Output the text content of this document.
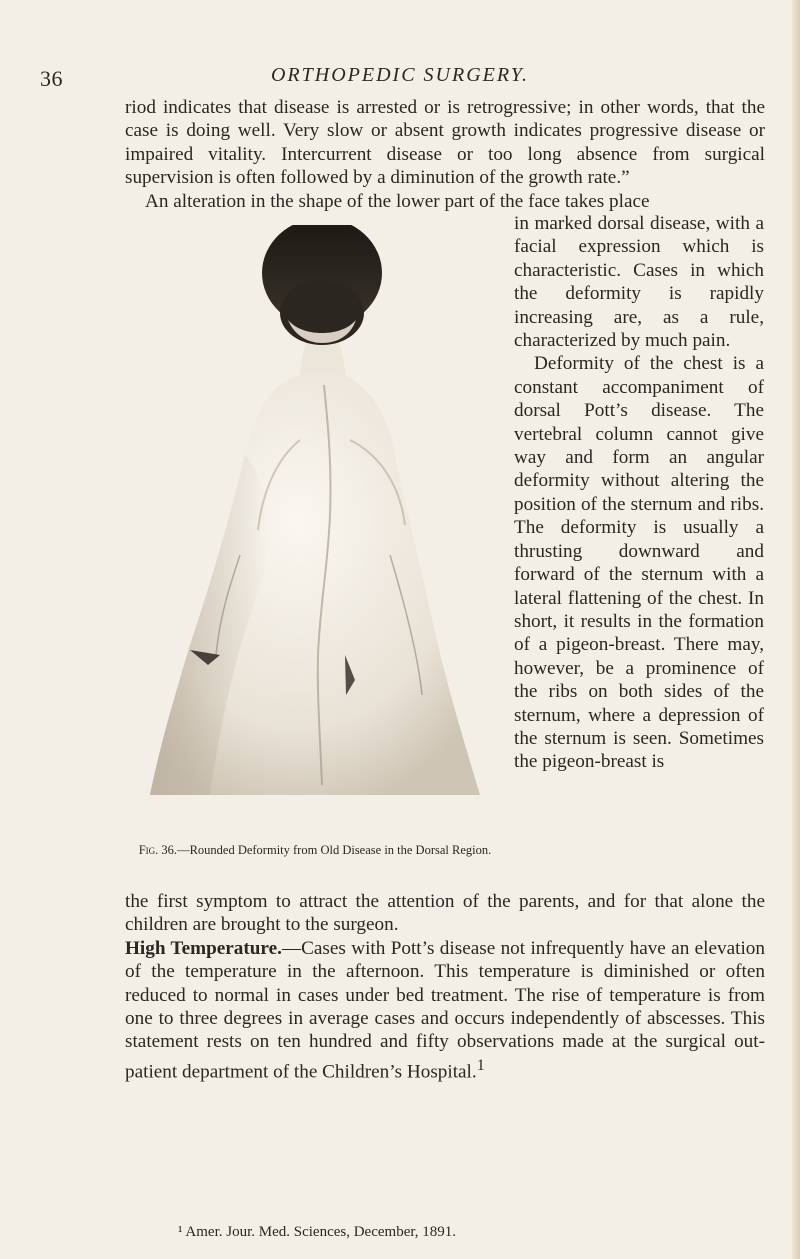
36	ORTHOPEDIC SURGERY.
riod indicates that disease is arrested or is retrogressive; in other words, that the case is doing well. Very slow or absent growth indicates progressive disease or impaired vitality. Intercurrent disease or too long absence from surgical supervision is often followed by a diminution of the growth rate.”
An alteration in the shape of the lower part of the face takes place

in marked dorsal disease, with a facial expression which is characteristic. Cases in which the deformity is rapidly increasing are, as a rule, characterized by much pain.

Deformity of the chest is a constant accompaniment of dorsal Pott’s disease. The vertebral column cannot give way and form an angular deformity without altering the position of the sternum and ribs. The deformity is usually a thrusting downward and forward of the sternum with a lateral flattening of the chest. In short, it results in the formation of a pigeon-breast. There may, however, be a prominence of the ribs on both sides of the sternum, where a depression of the sternum is seen. Sometimes the pigeon-breast is

Fig. 36.—Rounded Deformity from Old Disease in the Dorsal Region.

the first symptom to attract the attention of the parents, and for that alone the children are brought to the surgeon.

High Temperature.—Cases with Pott’s disease not infrequently have an elevation of the temperature in the afternoon. This temperature is diminished or often reduced to normal in cases under bed treatment. The rise of temperature is from one to three degrees in average cases and occurs independently of abscesses. This statement rests on ten hundred and fifty observations made at the surgical out-patient department of the Children’s Hospital.$^1$

¹ Amer. Jour. Med. Sciences, December, 1891.
